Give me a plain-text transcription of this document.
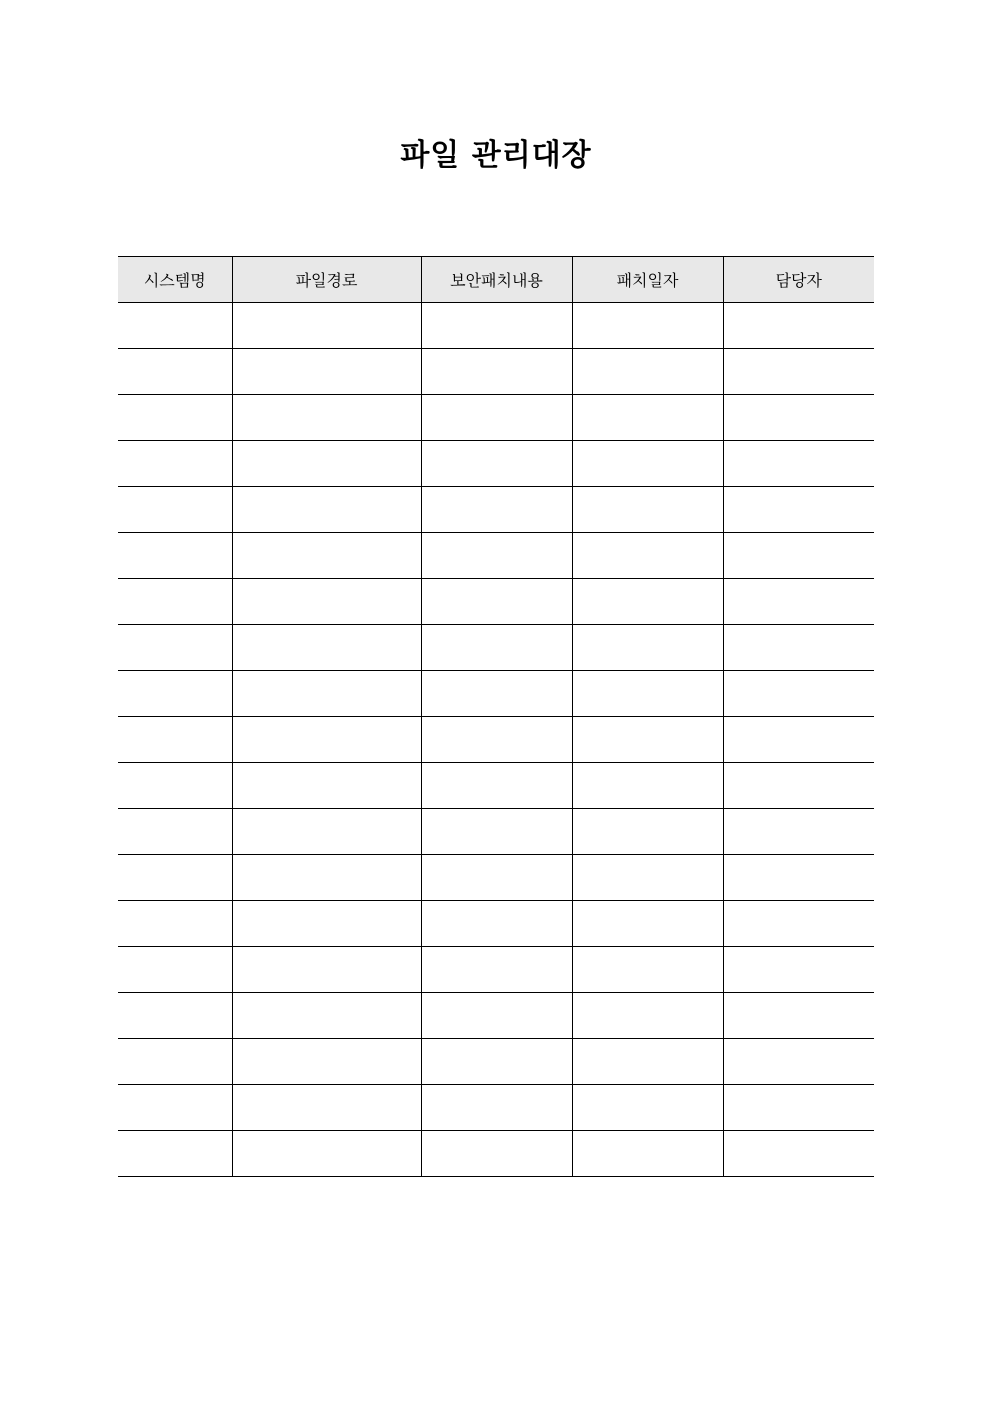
파일 관리대장
시스템명	파일경로	보안패치내용	패치일자	담당자
